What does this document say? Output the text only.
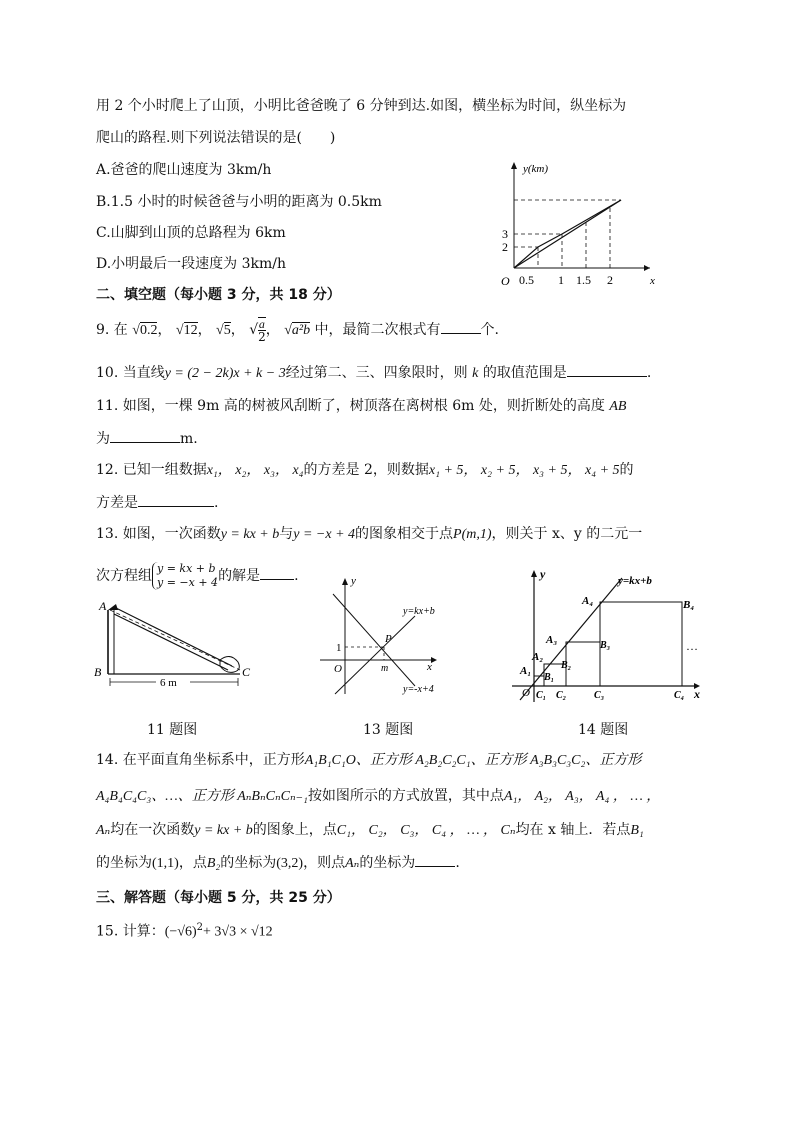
用 2 个小时爬上了山顶，小明比爸爸晚了 6 分钟到达.如图，横坐标为时间，纵坐标为
爬山的路程.则下列说法错误的是(　　)
A.爸爸的爬山速度为 3km/h
B.1.5 小时的时候爸爸与小明的距离为 0.5km
C.山脚到山顶的总路程为 6km
D.小明最后一段速度为 3km/h
y(km)
x
O 0.5 1 1.5 2
3
2
二、填空题（每小题 3 分，共 18 分）
9. 在 √0.2， √12， √5， √ $\frac{a}{2}$ ， √a²b 中，最简二次根式有	个.
10. 当直线y = (2 − 2k)x + k − 3经过第二、三、四象限时，则 k 的取值范围是	.
11. 如图，一棵 9m 高的树被风刮断了，树顶落在离树根 6m 处，则折断处的高度 AB
为	m.
12. 已知一组数据x₁， x₂， x₃， x₄的方差是 2，则数据x₁ + 5， x₂ + 5， x₃ + 5， x₄ + 5的
方差是	.
13. 如图，一次函数y = kx + b与y = −x + 4的图象相交于点P(m,1)，则关于 x、y 的二元一
次方程组 y = kx + b
y = −x + 4 的解是 .
A
B	C
6 m
11 题图
y
x
O
P
m
1
y=kx+b
y=-x+4
13 题图
y=kx+b
y
x
O
A₁
A₂
A₃
A₄
B₁
B₂
B₃
B₄
C₁ C₂	C₃	C₄
…
14 题图
14. 在平面直角坐标系中，正方形A₁B₁C₁O、正方形 A₂B₂C₂C₁、正方形 A₃B₃C₃C₂、正方形
A₄B₄C₄C₃、…、正方形 AₙBₙCₙCₙ₋₁按如图所示的方式放置，其中点A₁， A₂， A₃， A₄ ， … ，
Aₙ均在一次函数y = kx + b的图象上，点C₁， C₂， C₃， C₄ ， … ， Cₙ均在 x 轴上．若点B₁
的坐标为(1,1)，点B₂的坐标为(3,2)，则点Aₙ的坐标为	.
三、解答题（每小题 5 分，共 25 分）
15. 计算：$(-√6)^2+ 3√3 \times √12$
